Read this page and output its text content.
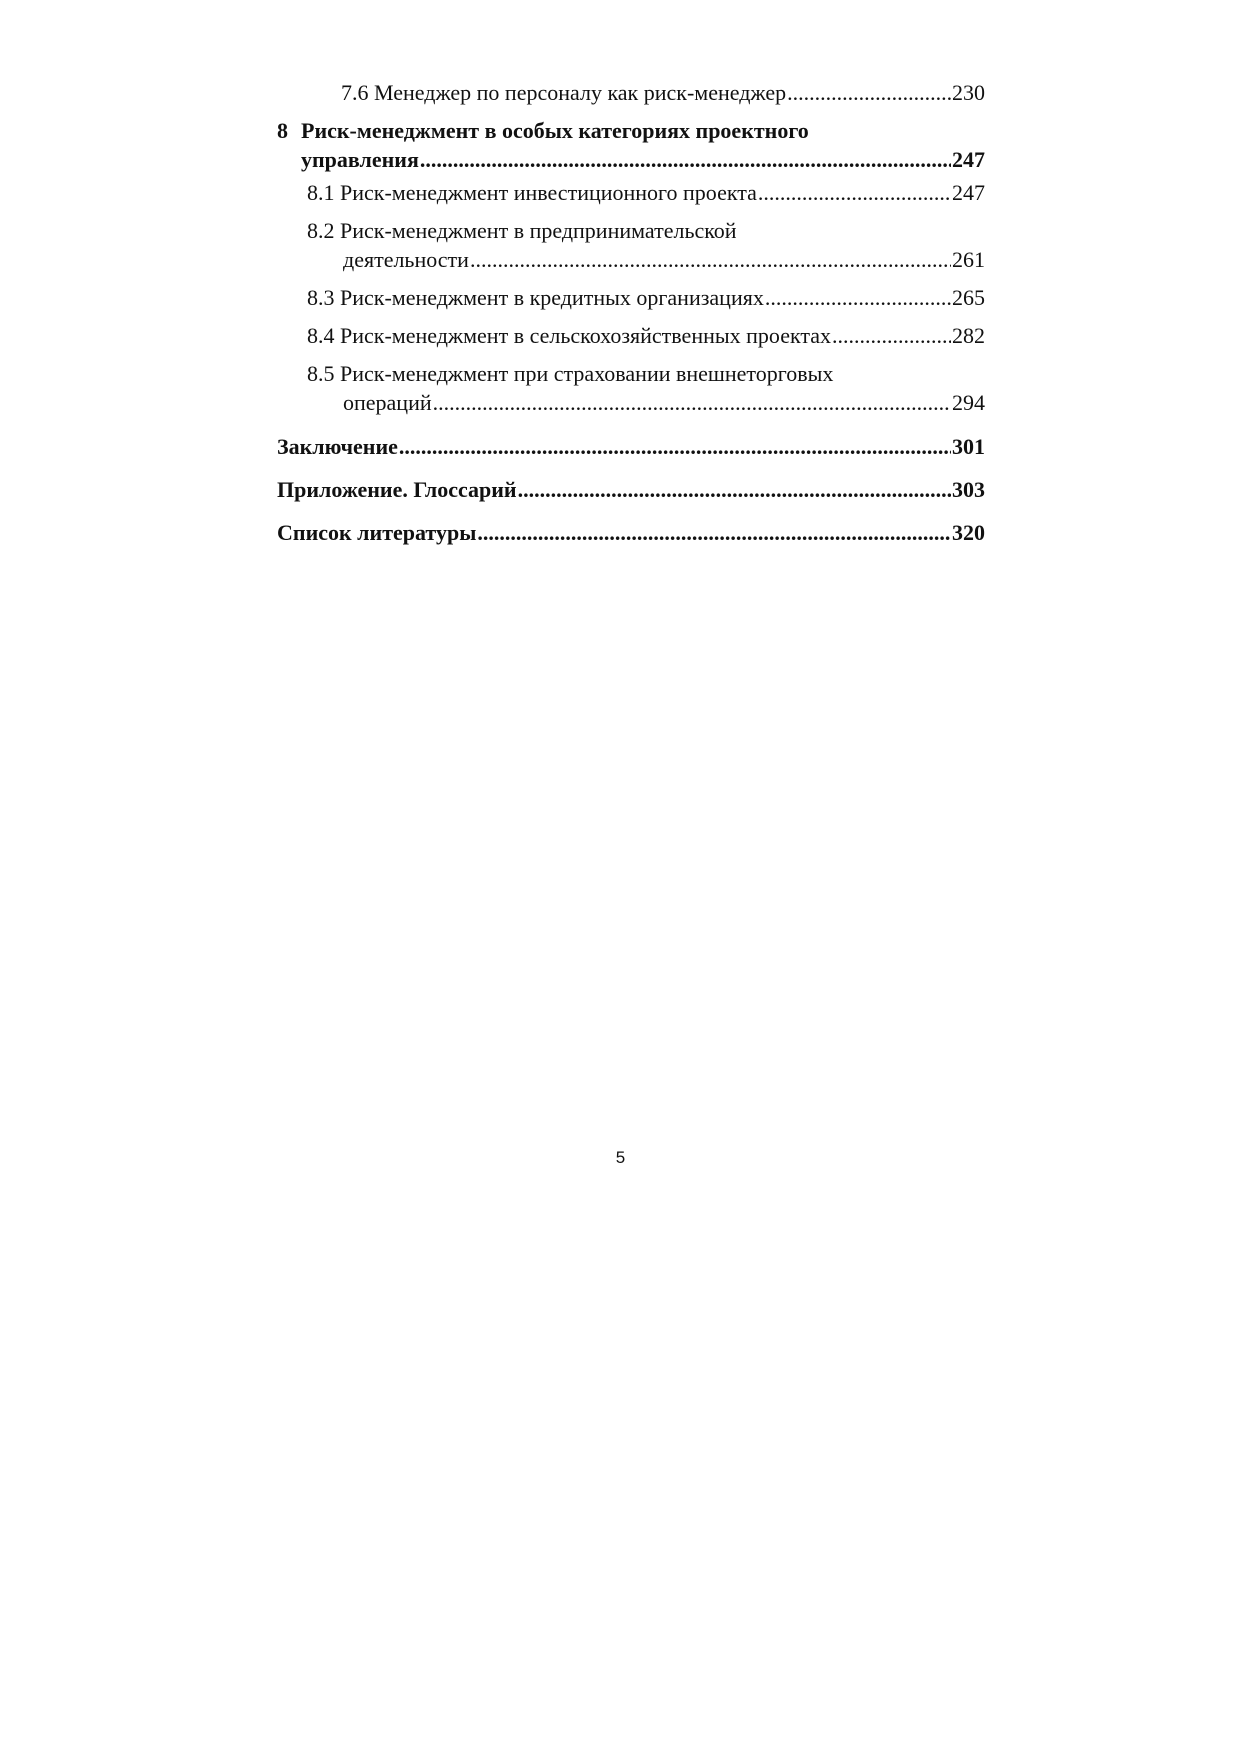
7.6 Менеджер по персоналу как риск-менеджер .....	230
8 Риск-менеджмент в особых категориях проектного
управления .....	247
8.1 Риск-менеджмент инвестиционного проекта .....	247
8.2 Риск-менеджмент в предпринимательской
деятельности .....	261
8.3 Риск-менеджмент в кредитных организациях .....	265
8.4 Риск-менеджмент в сельскохозяйственных проектах .....	282
8.5 Риск-менеджмент при страховании внешнеторговых
операций .....	294
Заключение .....	301
Приложение. Глоссарий .....	303
Список литературы .....	320
5
